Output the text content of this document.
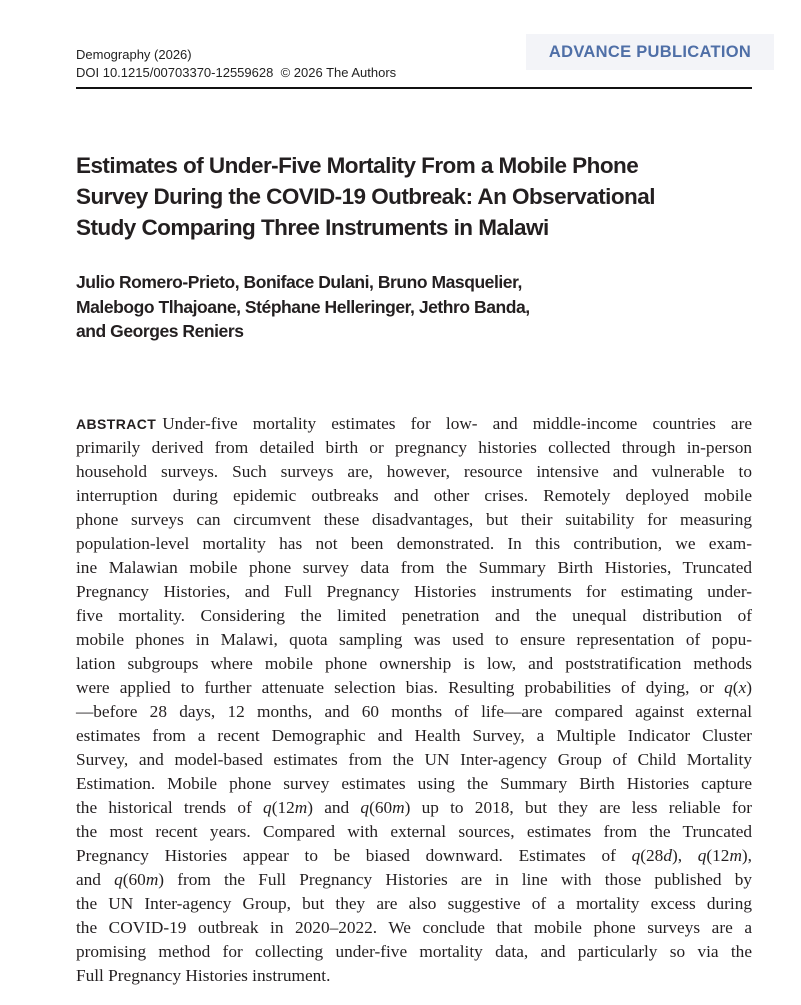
Demography (2026)
DOI 10.1215/00703370-12559628 © 2026 The Authors
ADVANCE PUBLICATION
Estimates of Under-Five Mortality From a Mobile Phone
Survey During the COVID-19 Outbreak: An Observational
Study Comparing Three Instruments in Malawi

Julio Romero-Prieto, Boniface Dulani, Bruno Masquelier,
Malebogo Tlhajoane, Stéphane Helleringer, Jethro Banda,
and Georges Reniers

ABSTRACT Under-five mortality estimates for low- and middle-income countries are
primarily derived from detailed birth or pregnancy histories collected through in-person
household surveys. Such surveys are, however, resource intensive and vulnerable to
interruption during epidemic outbreaks and other crises. Remotely deployed mobile
phone surveys can circumvent these disadvantages, but their suitability for measuring
population-level mortality has not been demonstrated. In this contribution, we exam-
ine Malawian mobile phone survey data from the Summary Birth Histories, Truncated
Pregnancy Histories, and Full Pregnancy Histories instruments for estimating under-
five mortality. Considering the limited penetration and the unequal distribution of
mobile phones in Malawi, quota sampling was used to ensure representation of popu-
lation subgroups where mobile phone ownership is low, and poststratification methods
were applied to further attenuate selection bias. Resulting probabilities of dying, or q(x)
—before 28 days, 12 months, and 60 months of life—are compared against external
estimates from a recent Demographic and Health Survey, a Multiple Indicator Cluster
Survey, and model-based estimates from the UN Inter-agency Group of Child Mortality
Estimation. Mobile phone survey estimates using the Summary Birth Histories capture
the historical trends of q(12m) and q(60m) up to 2018, but they are less reliable for
the most recent years. Compared with external sources, estimates from the Truncated
Pregnancy Histories appear to be biased downward. Estimates of q(28d), q(12m),
and q(60m) from the Full Pregnancy Histories are in line with those published by
the UN Inter-agency Group, but they are also suggestive of a mortality excess during
the COVID-19 outbreak in 2020–2022. We conclude that mobile phone surveys are a
promising method for collecting under-five mortality data, and particularly so via the
Full Pregnancy Histories instrument.
